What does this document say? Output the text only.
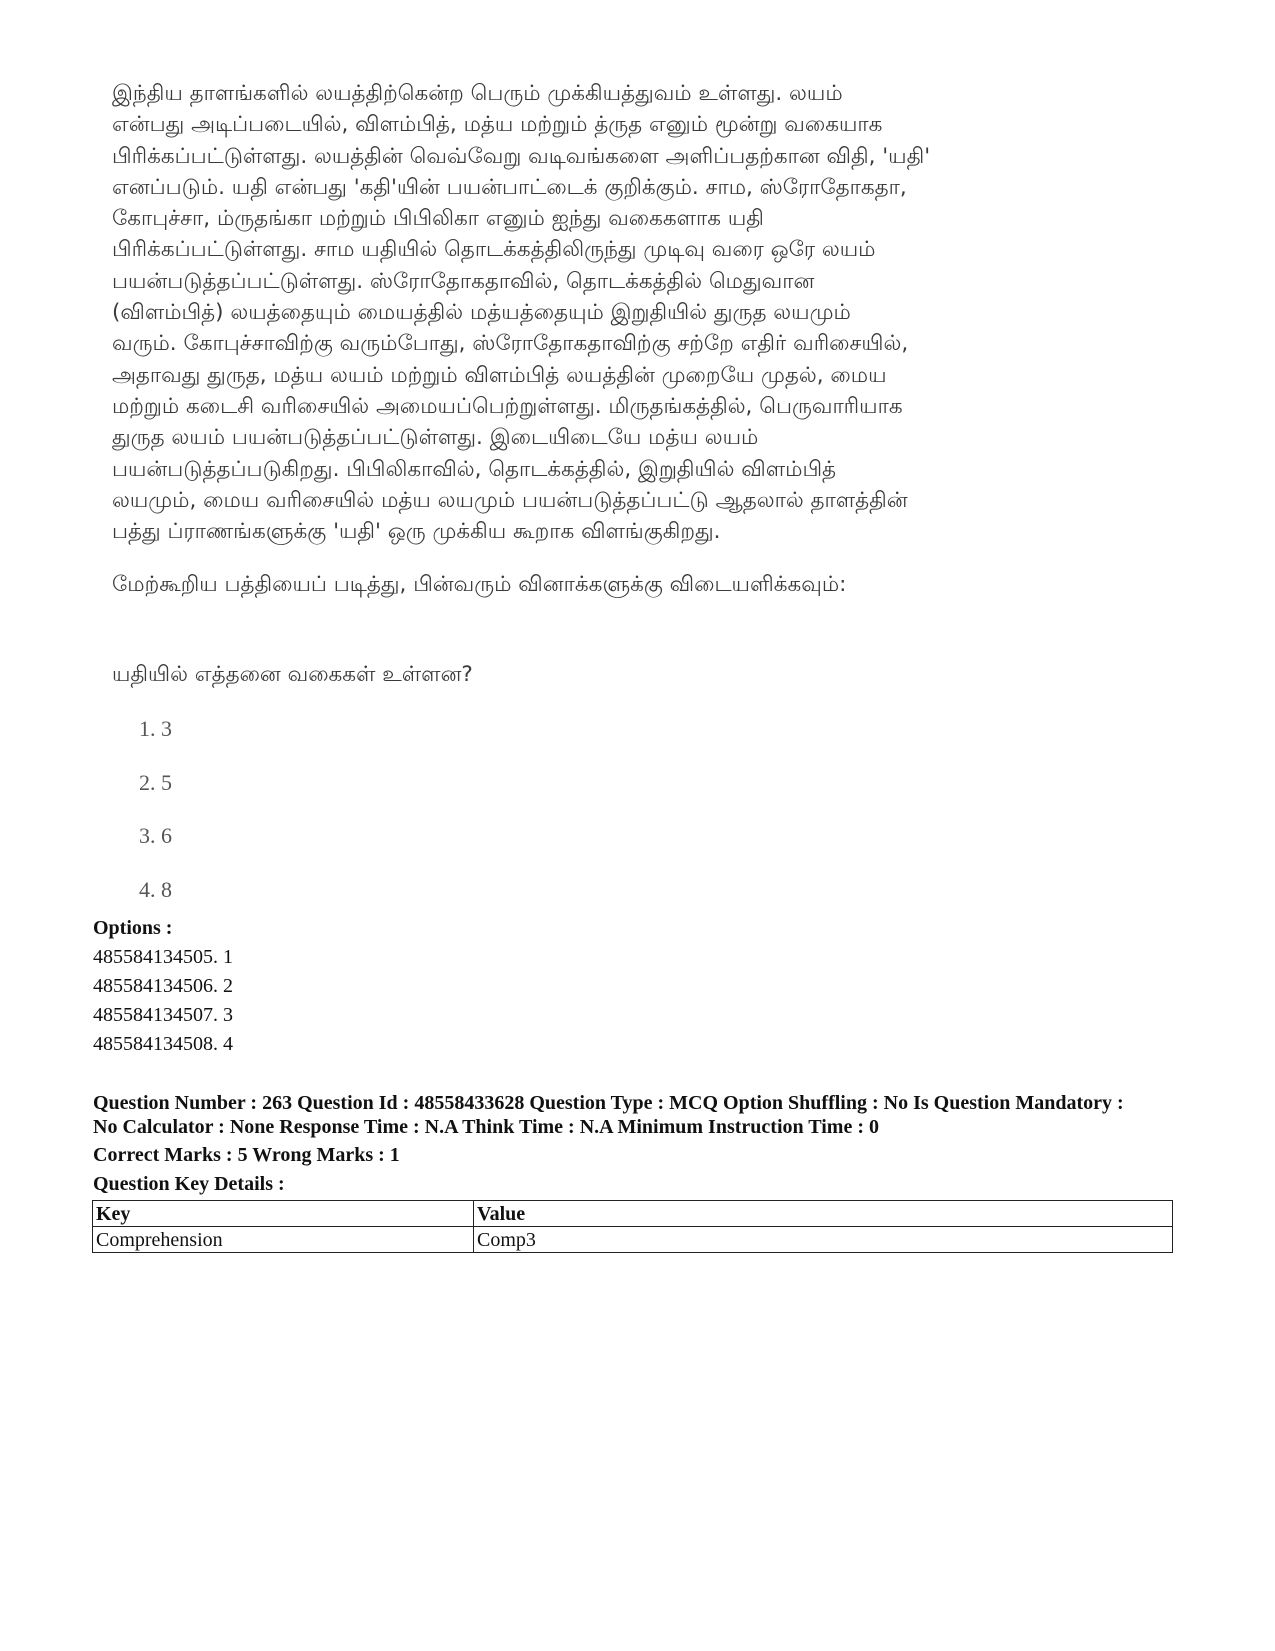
இந்திய தாளங்களில் லயத்திற்கென்ற பெரும் முக்கியத்துவம் உள்ளது. லயம்
என்பது அடிப்படையில், விளம்பித், மத்ய மற்றும் த்ருத எனும் மூன்று வகையாக
பிரிக்கப்பட்டுள்ளது. லயத்தின் வெவ்வேறு வடிவங்களை அளிப்பதற்கான விதி, 'யதி'
எனப்படும். யதி என்பது 'கதி'யின் பயன்பாட்டைக் குறிக்கும். சாம, ஸ்ரோதோகதா,
கோபுச்சா, ம்ருதங்கா மற்றும் பிபிலிகா எனும் ஐந்து வகைகளாக யதி
பிரிக்கப்பட்டுள்ளது. சாம யதியில் தொடக்கத்திலிருந்து முடிவு வரை ஒரே லயம்
பயன்படுத்தப்பட்டுள்ளது. ஸ்ரோதோகதாவில், தொடக்கத்தில் மெதுவான
(விளம்பித்) லயத்தையும் மையத்தில் மத்யத்தையும் இறுதியில் துருத லயமும்
வரும். கோபுச்சாவிற்கு வரும்போது, ஸ்ரோதோகதாவிற்கு சற்றே எதிர் வரிசையில்,
அதாவது துருத, மத்ய லயம் மற்றும் விளம்பித் லயத்தின் முறையே முதல், மைய
மற்றும் கடைசி வரிசையில் அமையப்பெற்றுள்ளது. மிருதங்கத்தில், பெருவாரியாக
துருத லயம் பயன்படுத்தப்பட்டுள்ளது. இடையிடையே மத்ய லயம்
பயன்படுத்தப்படுகிறது. பிபிலிகாவில், தொடக்கத்தில், இறுதியில் விளம்பித்
லயமும், மைய வரிசையில் மத்ய லயமும் பயன்படுத்தப்பட்டு ஆதலால் தாளத்தின்
பத்து ப்ராணங்களுக்கு 'யதி' ஒரு முக்கிய கூறாக விளங்குகிறது.
மேற்கூறிய பத்தியைப் படித்து, பின்வரும் வினாக்களுக்கு விடையளிக்கவும்:
யதியில் எத்தனை வகைகள் உள்ளன?
1. 3
2. 5
3. 6
4. 8
Options :
485584134505. 1
485584134506. 2
485584134507. 3
485584134508. 4
Question Number : 263 Question Id : 48558433628 Question Type : MCQ Option Shuffling : No Is Question Mandatory :
No Calculator : None Response Time : N.A Think Time : N.A Minimum Instruction Time : 0
Correct Marks : 5 Wrong Marks : 1
Question Key Details :
Key	Value
Comprehension	Comp3
